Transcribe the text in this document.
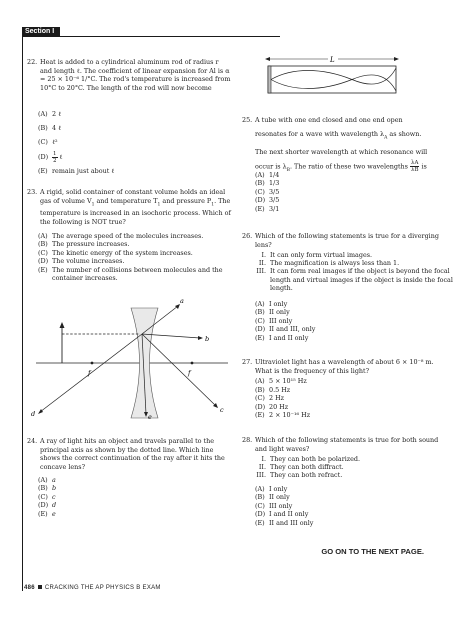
Section I
22. Heat is added to a cylindrical aluminum rod of radius r and length ℓ. The coefficient of linear expansion for Al is α = 25 × 10⁻⁶ 1/°C. The rod's temperature is increased from 10°C to 20°C. The length of the rod will now become
(A) 2 ℓ
(B) 4 ℓ
(C) ℓ²
$(D) \frac{1}{2}$
ℓ
(E) remain just about ℓ
23. A rigid, solid container of constant volume holds an ideal gas of volume $V_1$ and temperature $T_1$ and pressure $P_1$. The temperature is increased in an isochoric process. Which of the following is NOT true?
(A) The average speed of the molecules increases.
(B) The pressure increases.
(C) The kinetic energy of the system increases.
(D) The volume increases.
(E) The number of collisions between molecules and the container increases.
a
b
c
d	e
f	f
24. A ray of light hits an object and travels parallel to the principal axis as shown by the dotted line. Which line shows the correct continuation of the ray after it hits the concave lens?
(A) a
(B) b
(C) c
(D) d
(E) e
L
25. A tube with one end closed and one end open
resonates for a wave with wavelength $\lambda_A$ as shown.
The next shorter wavelength at which resonance will
occur is $\lambda_B$. The ratio of these two wavelengths $\frac{\lambda A}{\lambda B}$ is
(A) 1/4
(B) 1/3
(C) 3/5
(D) 3/5
(E) 3/1
26. Which of the following statements is true for a diverging lens?
I. It can only form virtual images.
II. The magnification is always less than 1.
III. It can form real images if the object is beyond the focal length and virtual images if the object is inside the focal length.
(A) I only
(B) II only
(C) III only
(D) II and III, only
(E) I and II only
27. Ultraviolet light has a wavelength of about 6 × 10⁻⁸ m. What is the frequency of this light?
(A) 5 × 10¹⁵ Hz
(B) 0.5 Hz
(C) 2 Hz
(D) 20 Hz
(E) 2 × 10⁻¹⁶ Hz
28. Which of the following statements is true for both sound and light waves?
I. They can both be polarized.
II. They can both diffract.
III. They can both refract.
(A) I only
(B) II only
(C) III only
(D) I and II only
(E) II and III only
GO ON TO THE NEXT PAGE.
486 CRACKING THE AP PHYSICS B EXAM
